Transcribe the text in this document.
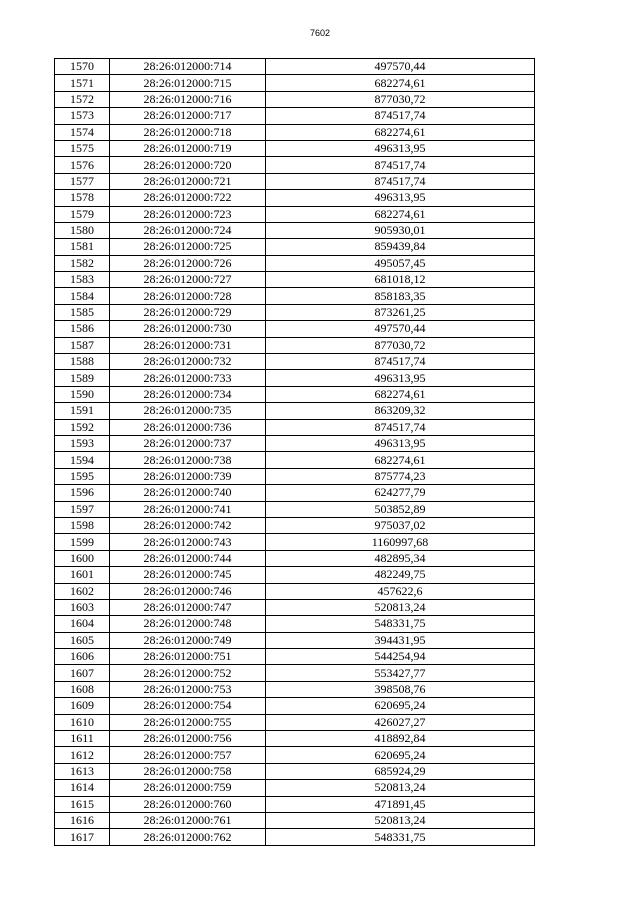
7602
1570	28:26:012000:714	497570,44
1571	28:26:012000:715	682274,61
1572	28:26:012000:716	877030,72
1573	28:26:012000:717	874517,74
1574	28:26:012000:718	682274,61
1575	28:26:012000:719	496313,95
1576	28:26:012000:720	874517,74
1577	28:26:012000:721	874517,74
1578	28:26:012000:722	496313,95
1579	28:26:012000:723	682274,61
1580	28:26:012000:724	905930,01
1581	28:26:012000:725	859439,84
1582	28:26:012000:726	495057,45
1583	28:26:012000:727	681018,12
1584	28:26:012000:728	858183,35
1585	28:26:012000:729	873261,25
1586	28:26:012000:730	497570,44
1587	28:26:012000:731	877030,72
1588	28:26:012000:732	874517,74
1589	28:26:012000:733	496313,95
1590	28:26:012000:734	682274,61
1591	28:26:012000:735	863209,32
1592	28:26:012000:736	874517,74
1593	28:26:012000:737	496313,95
1594	28:26:012000:738	682274,61
1595	28:26:012000:739	875774,23
1596	28:26:012000:740	624277,79
1597	28:26:012000:741	503852,89
1598	28:26:012000:742	975037,02
1599	28:26:012000:743	1160997,68
1600	28:26:012000:744	482895,34
1601	28:26:012000:745	482249,75
1602	28:26:012000:746	457622,6
1603	28:26:012000:747	520813,24
1604	28:26:012000:748	548331,75
1605	28:26:012000:749	394431,95
1606	28:26:012000:751	544254,94
1607	28:26:012000:752	553427,77
1608	28:26:012000:753	398508,76
1609	28:26:012000:754	620695,24
1610	28:26:012000:755	426027,27
1611	28:26:012000:756	418892,84
1612	28:26:012000:757	620695,24
1613	28:26:012000:758	685924,29
1614	28:26:012000:759	520813,24
1615	28:26:012000:760	471891,45
1616	28:26:012000:761	520813,24
1617	28:26:012000:762	548331,75
